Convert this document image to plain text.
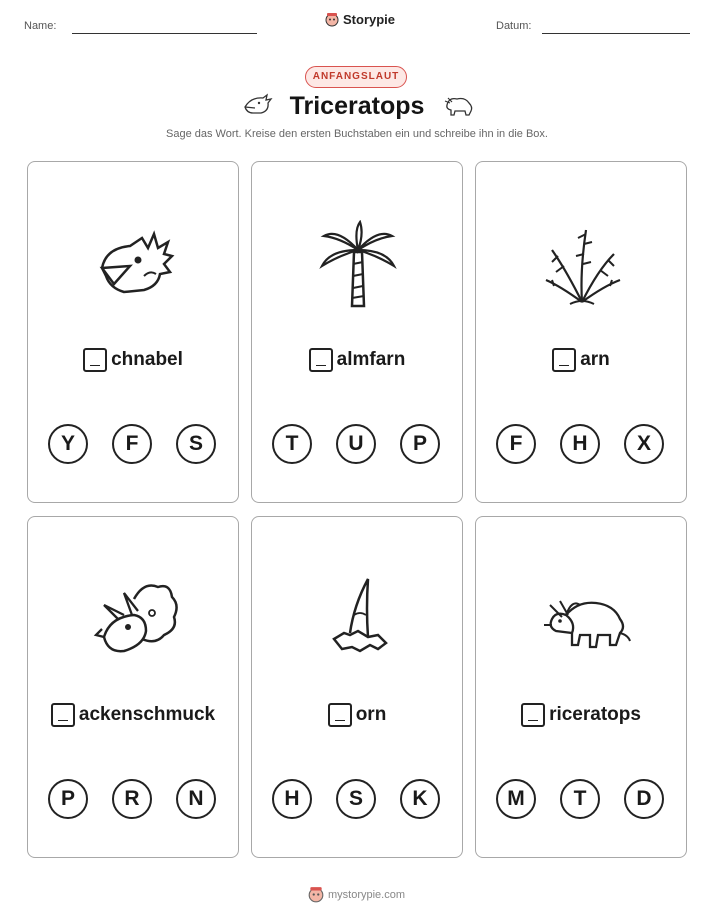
Name:	Storypie	Datum:
ANFANGSLAUT
Triceratops
Sage das Wort. Kreise den ersten Buchstaben ein und schreibe ihn in die Box.
chnabel
Y	F	S
almfarn
T	U	P
arn
F	H	X
ackenschmuck
P	R	N
orn
H	S	K
riceratops
M	T	D
mystorypie.com
